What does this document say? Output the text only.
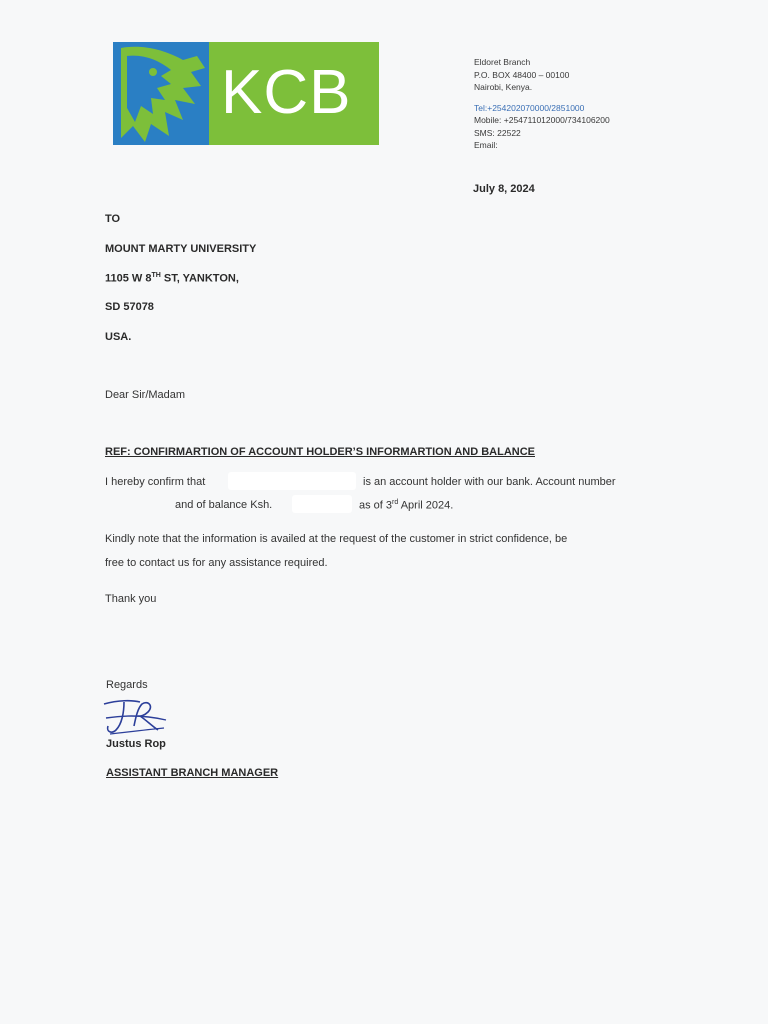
KCB	Eldoret Branch
P.O. BOX 48400 – 00100
Nairobi, Kenya.
Tel:+254202070000/2851000
Mobile: +254711012000/734106200
SMS: 22522
Email:
July 8, 2024
TO
MOUNT MARTY UNIVERSITY
1105 W 8TH ST, YANKTON,
SD 57078
USA.
Dear Sir/Madam
REF: CONFIRMARTION OF ACCOUNT HOLDER’S INFORMARTION AND BALANCE
I hereby confirm that	is an account holder with our bank. Account number
and of balance Ksh.	as of 3rd April 2024.
Kindly note that the information is availed at the request of the customer in strict confidence, be
free to contact us for any assistance required.
Thank you
Regards
Justus Rop
ASSISTANT BRANCH MANAGER
